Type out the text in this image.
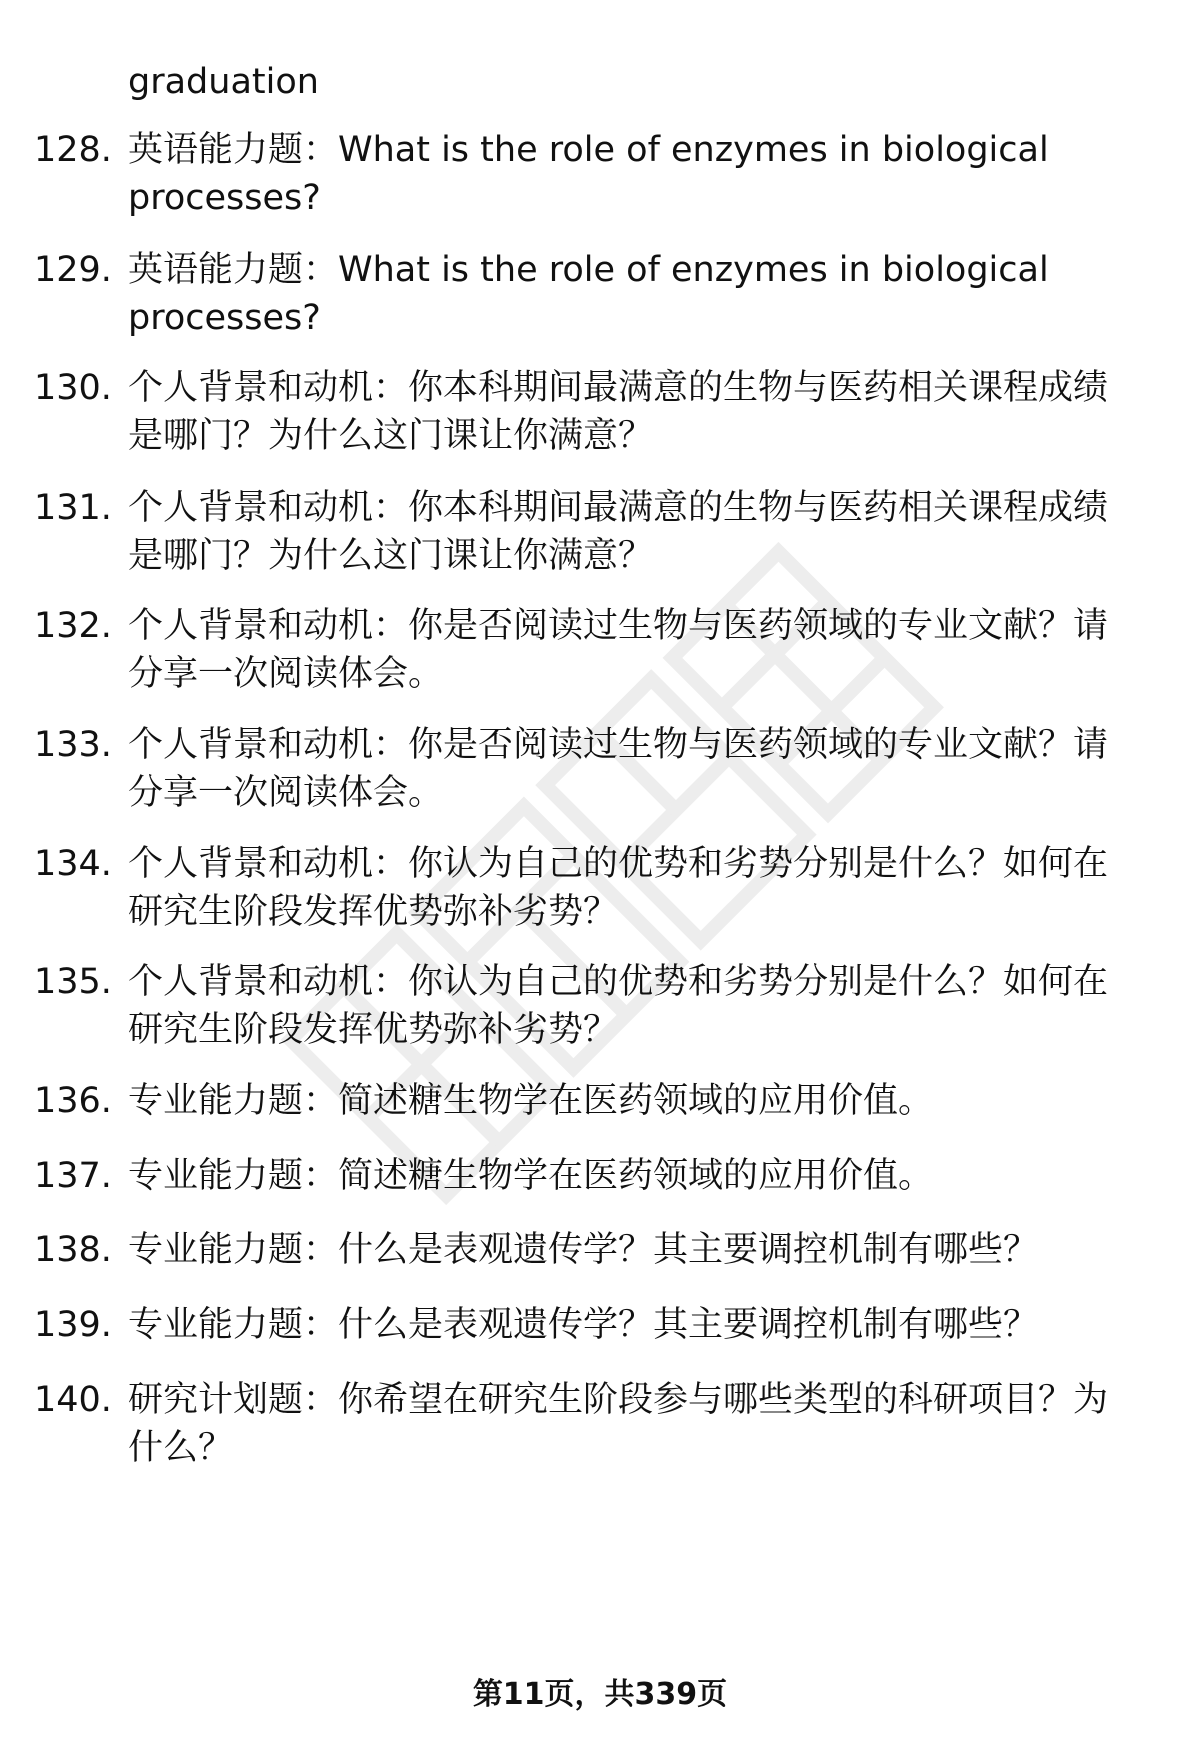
graduation
128. 英语能力题：What is the role of enzymes in biological
processes?
129. 英语能力题：What is the role of enzymes in biological
processes?
130. 个人背景和动机：你本科期间最满意的生物与医药相关课程成绩
是哪门？为什么这门课让你满意？
131. 个人背景和动机：你本科期间最满意的生物与医药相关课程成绩
是哪门？为什么这门课让你满意？
132. 个人背景和动机：你是否阅读过生物与医药领域的专业文献？请
分享一次阅读体会。
133. 个人背景和动机：你是否阅读过生物与医药领域的专业文献？请
分享一次阅读体会。
134. 个人背景和动机：你认为自己的优势和劣势分别是什么？如何在
研究生阶段发挥优势弥补劣势？
135. 个人背景和动机：你认为自己的优势和劣势分别是什么？如何在
研究生阶段发挥优势弥补劣势？
136. 专业能力题：简述糖生物学在医药领域的应用价值。
137. 专业能力题：简述糖生物学在医药领域的应用价值。
138. 专业能力题：什么是表观遗传学？其主要调控机制有哪些？
139. 专业能力题：什么是表观遗传学？其主要调控机制有哪些？
140. 研究计划题：你希望在研究生阶段参与哪些类型的科研项目？为
什么？
第11页，共339页
